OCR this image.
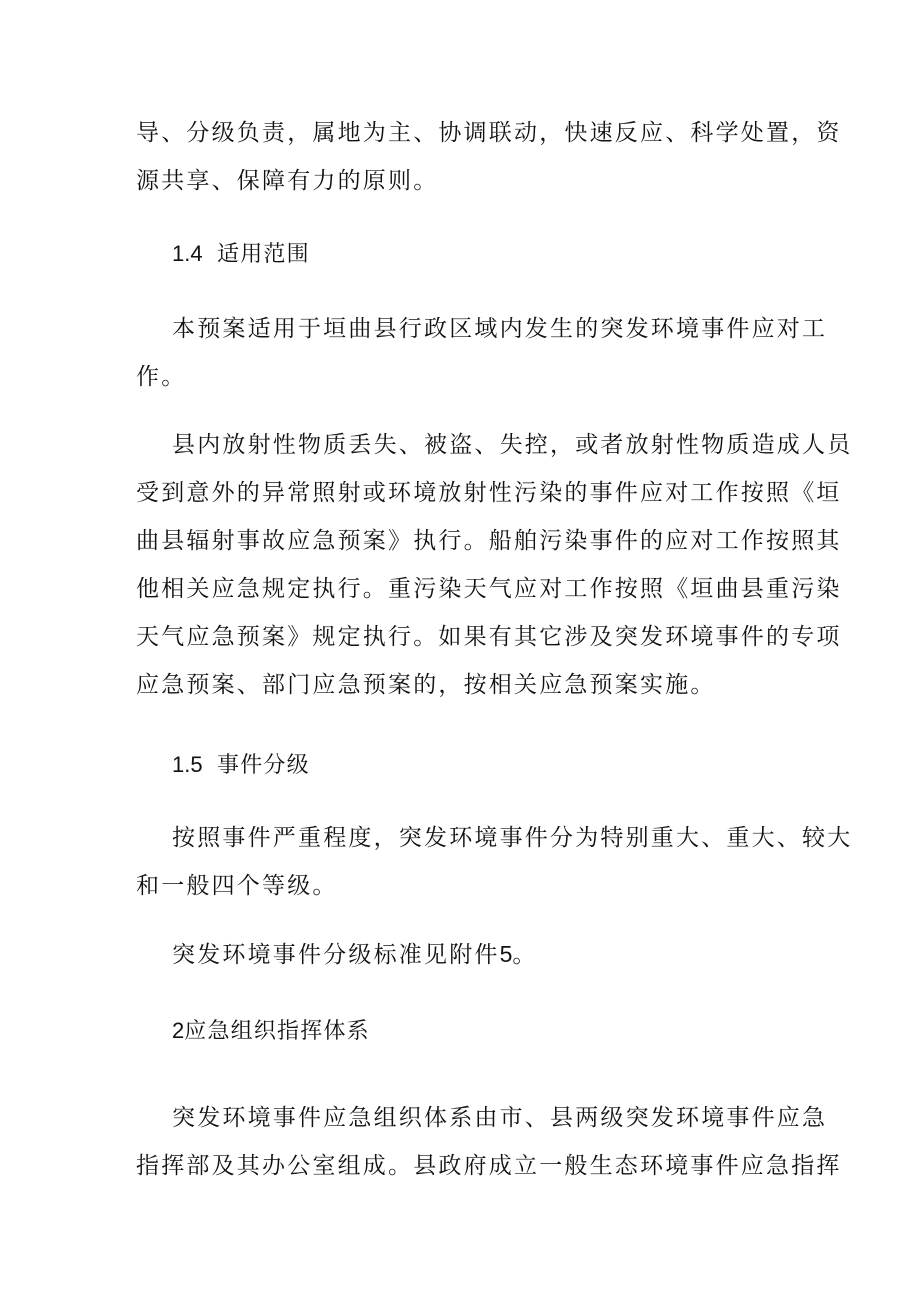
导、分级负责，属地为主、协调联动，快速反应、科学处置，资
源共享、保障有力的原则。
1.4 适用范围
本预案适用于垣曲县行政区域内发生的突发环境事件应对工
作。
县内放射性物质丢失、被盗、失控，或者放射性物质造成人员
受到意外的异常照射或环境放射性污染的事件应对工作按照《垣
曲县辐射事故应急预案》执行。船舶污染事件的应对工作按照其
他相关应急规定执行。重污染天气应对工作按照《垣曲县重污染
天气应急预案》规定执行。如果有其它涉及突发环境事件的专项
应急预案、部门应急预案的，按相关应急预案实施。
1.5 事件分级
按照事件严重程度，突发环境事件分为特别重大、重大、较大
和一般四个等级。
突发环境事件分级标准见附件5。
2应急组织指挥体系
突发环境事件应急组织体系由市、县两级突发环境事件应急
指挥部及其办公室组成。县政府成立一般生态环境事件应急指挥
